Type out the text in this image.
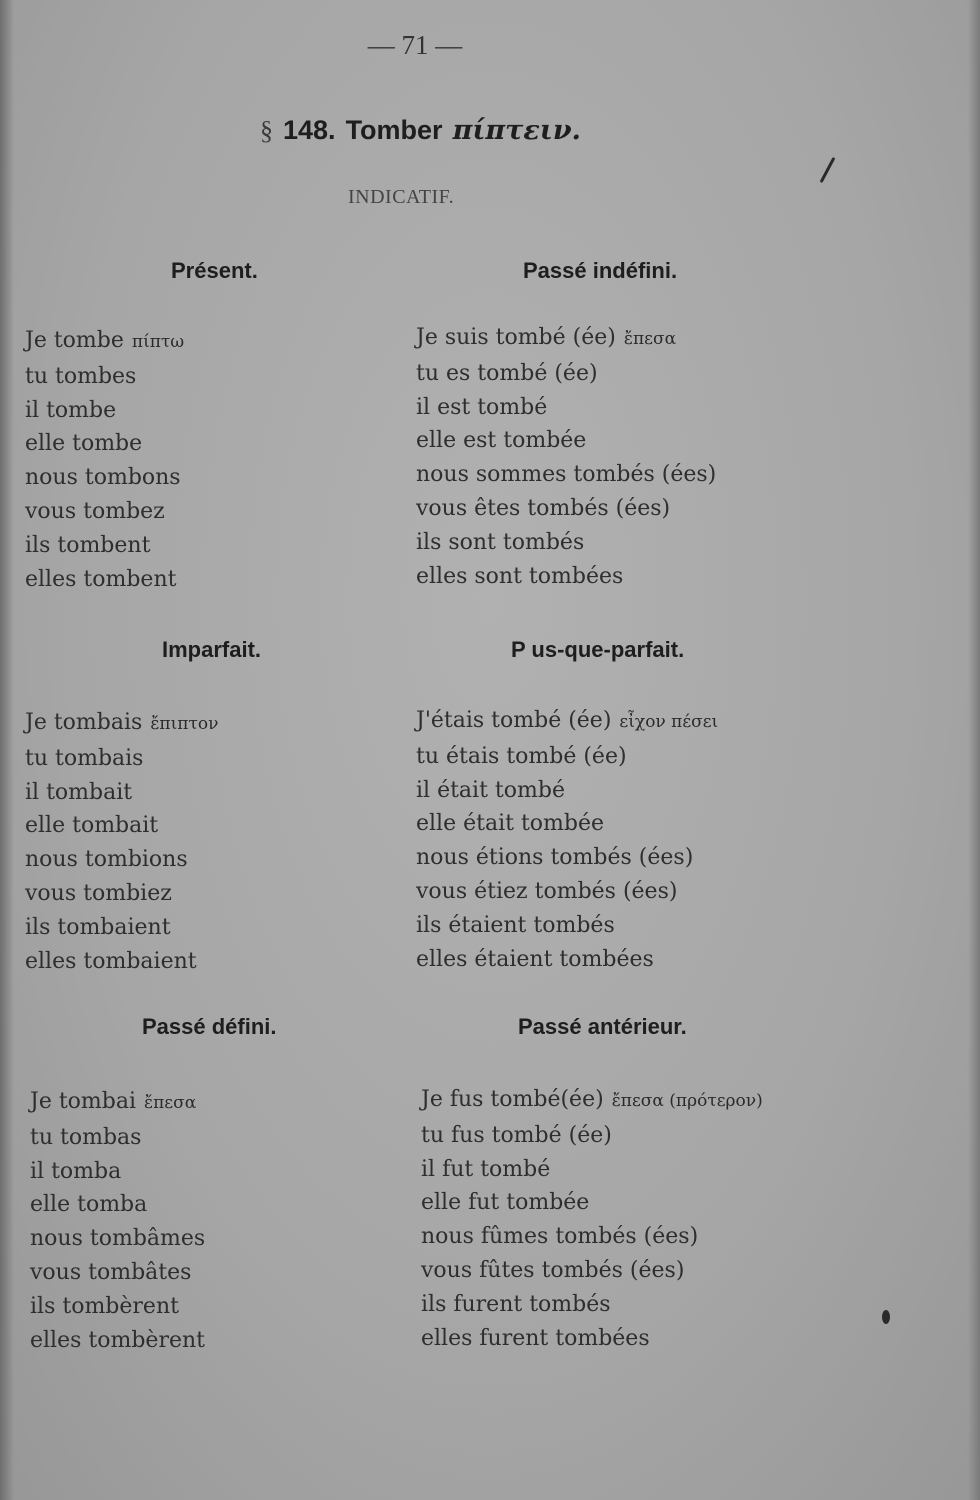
— 71 —
§ 148. Tomber πίπτειν.
INDICATIF.
Présent.
Je tombe πίπτω
tu tombes
il tombe
elle tombe
nous tombons
vous tombez
ils tombent
elles tombent
Passé indéfini.
Je suis tombé (ée) ἔπεσα
tu es tombé (ée)
il est tombé
elle est tombée
nous sommes tombés (ées)
vous êtes tombés (ées)
ils sont tombés
elles sont tombées
Imparfait.
Je tombais ἔπιπτον
tu tombais
il tombait
elle tombait
nous tombions
vous tombiez
ils tombaient
elles tombaient
P us-que-parfait.
J'étais tombé (ée) εἶχον πέσει
tu étais tombé (ée)
il était tombé
elle était tombée
nous étions tombés (ées)
vous étiez tombés (ées)
ils étaient tombés
elles étaient tombées
Passé défini.
Je tombai ἔπεσα
tu tombas
il tomba
elle tomba
nous tombâmes
vous tombâtes
ils tombèrent
elles tombèrent
Passé antérieur.
Je fus tombé(ée) ἔπεσα (πρότερον)
tu fus tombé (ée)
il fut tombé
elle fut tombée
nous fûmes tombés (ées)
vous fûtes tombés (ées)
ils furent tombés
elles furent tombées
